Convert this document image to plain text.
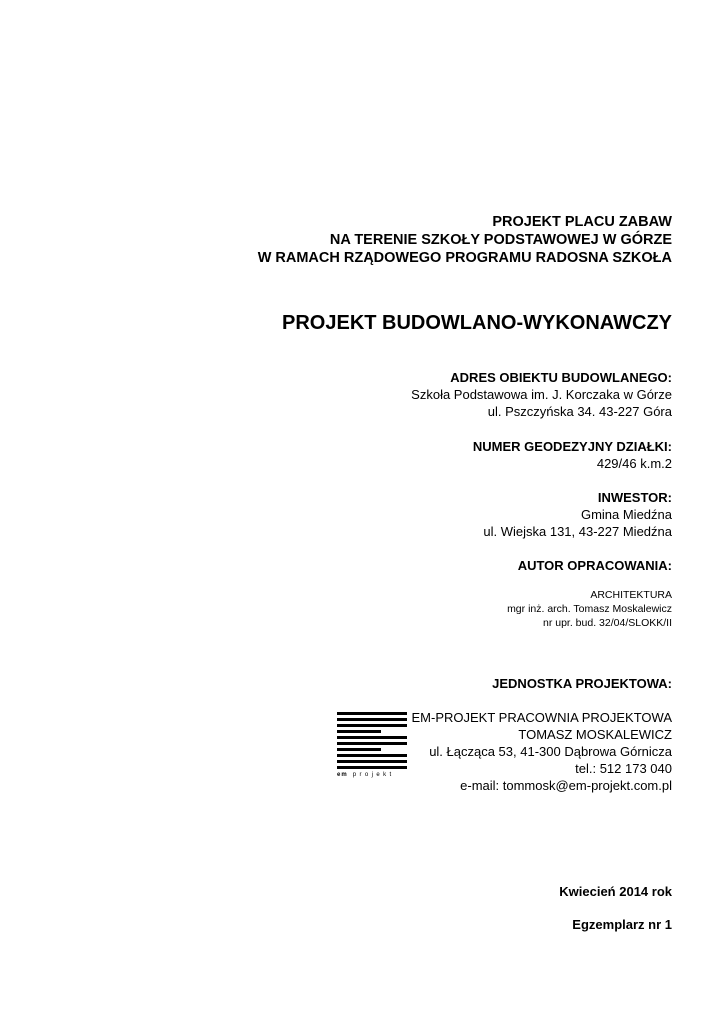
PROJEKT PLACU ZABAW
NA TERENIE SZKOŁY PODSTAWOWEJ W GÓRZE
W RAMACH RZĄDOWEGO PROGRAMU RADOSNA SZKOŁA
PROJEKT BUDOWLANO-WYKONAWCZY
ADRES OBIEKTU BUDOWLANEGO:
Szkoła Podstawowa im. J. Korczaka w Górze
ul. Pszczyńska 34. 43-227 Góra
NUMER GEODEZYJNY DZIAŁKI:
429/46 k.m.2
INWESTOR:
Gmina Miedźna
ul. Wiejska 131, 43-227 Miedźna
AUTOR OPRACOWANIA:
ARCHITEKTURA
mgr inż. arch. Tomasz Moskalewicz
nr upr. bud. 32/04/SLOKK/II
JEDNOSTKA PROJEKTOWA:
EM-PROJEKT PRACOWNIA PROJEKTOWA
TOMASZ MOSKALEWICZ
ul. Łącząca 53, 41-300 Dąbrowa Górnicza
tel.: 512 173 040
e-mail: tommosk@em-projekt.com.pl
em projekt
Kwiecień 2014 rok
Egzemplarz nr 1
